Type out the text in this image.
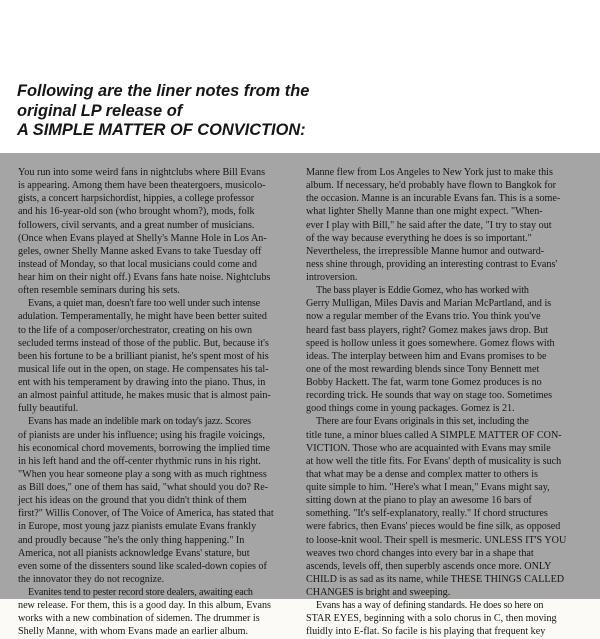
Following are the liner notes from the
original LP release of
A SIMPLE MATTER OF CONVICTION:
You run into some weird fans in nightclubs where Bill Evans
is appearing. Among them have been theatergoers, musicolo-
gists, a concert harpsichordist, hippies, a college professor
and his 16-year-old son (who brought whom?), mods, folk
followers, civil servants, and a great number of musicians.
(Once when Evans played at Shelly's Manne Hole in Los An-
geles, owner Shelly Manne asked Evans to take Tuesday off
instead of Monday, so that local musicians could come and
hear him on their night off.) Evans fans hate noise. Nightclubs
often resemble seminars during his sets.
Evans, a quiet man, doesn't fare too well under such intense
adulation. Temperamentally, he might have been better suited
to the life of a composer/orchestrator, creating on his own
secluded terms instead of those of the public. But, because it's
been his fortune to be a brilliant pianist, he's spent most of his
musical life out in the open, on stage. He compensates his tal-
ent with his temperament by drawing into the piano. Thus, in
an almost painful attitude, he makes music that is almost pain-
fully beautiful.
Evans has made an indelible mark on today's jazz. Scores
of pianists are under his influence; using his fragile voicings,
his economical chord movements, borrowing the implied time
in his left hand and the off-center rhythmic runs in his right.
"When you hear someone play a song with as much rightness
as Bill does," one of them has said, "what should you do? Re-
ject his ideas on the ground that you didn't think of them
first?" Willis Conover, of The Voice of America, has stated that
in Europe, most young jazz pianists emulate Evans frankly
and proudly because "he's the only thing happening." In
America, not all pianists acknowledge Evans' stature, but
even some of the dissenters sound like scaled-down copies of
the innovator they do not recognize.
Evanites tend to pester record store dealers, awaiting each
new release. For them, this is a good day. In this album, Evans
works with a new combination of sidemen. The drummer is
Shelly Manne, with whom Evans made an earlier album.
Manne flew from Los Angeles to New York just to make this
album. If necessary, he'd probably have flown to Bangkok for
the occasion. Manne is an incurable Evans fan. This is a some-
what lighter Shelly Manne than one might expect. "When-
ever I play with Bill," he said after the date, "I try to stay out
of the way because everything he does is so important."
Nevertheless, the irrepressible Manne humor and outward-
ness shine through, providing an interesting contrast to Evans'
introversion.
The bass player is Eddie Gomez, who has worked with
Gerry Mulligan, Miles Davis and Marian McPartland, and is
now a regular member of the Evans trio. You think you've
heard fast bass players, right? Gomez makes jaws drop. But
speed is hollow unless it goes somewhere. Gomez flows with
ideas. The interplay between him and Evans promises to be
one of the most rewarding blends since Tony Bennett met
Bobby Hackett. The fat, warm tone Gomez produces is no
recording trick. He sounds that way on stage too. Sometimes
good things come in young packages. Gomez is 21.
There are four Evans originals in this set, including the
title tune, a minor blues called A SIMPLE MATTER OF CON-
VICTION. Those who are acquainted with Evans may smile
at how well the title fits. For Evans' depth of musicality is such
that what may be a dense and complex matter to others is
quite simple to him. "Here's what I mean," Evans might say,
sitting down at the piano to play an awesome 16 bars of
something. "It's self-explanatory, really." If chord structures
were fabrics, then Evans' pieces would be fine silk, as opposed
to loose-knit wool. Their spell is mesmeric. UNLESS IT'S YOU
weaves two chord changes into every bar in a shape that
ascends, levels off, then superbly ascends once more. ONLY
CHILD is as sad as its name, while THESE THINGS CALLED
CHANGES is bright and sweeping.
Evans has a way of defining standards. He does so here on
STAR EYES, beginning with a solo chorus in C, then moving
fluidly into E-flat. So facile is his playing that frequent key
